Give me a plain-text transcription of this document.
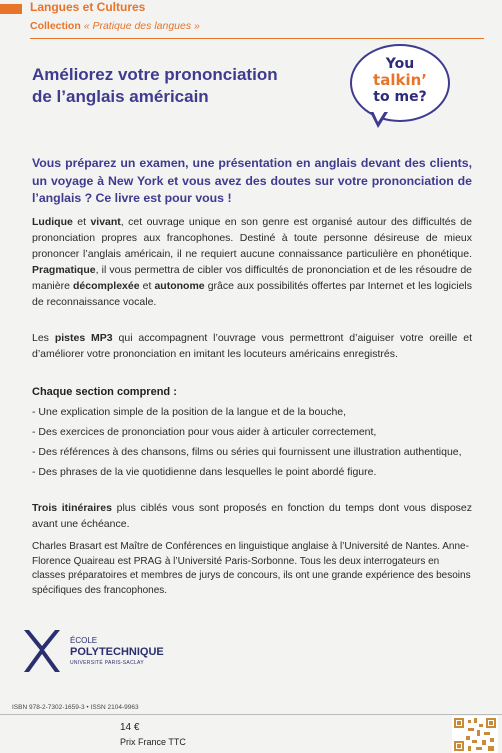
Langues et Cultures
Collection « Pratique des langues »
Améliorez votre prononciation
de l’anglais américain
You
talkin’
to me?
Vous préparez un examen, une présentation en anglais devant des clients, un voyage à New York et vous avez des doutes sur votre prononciation de l’anglais ? Ce livre est pour vous !
Ludique et vivant, cet ouvrage unique en son genre est organisé autour des difficultés de prononciation propres aux francophones. Destiné à toute personne désireuse de mieux prononcer l’anglais américain, il ne requiert aucune connaissance particulière en phonétique. Pragmatique, il vous permettra de cibler vos difficultés de prononciation et de les résoudre de manière décomplexée et autonome grâce aux possibilités offertes par Internet et les logiciels de reconnaissance vocale.
Les pistes MP3 qui accompagnent l’ouvrage vous permettront d’aiguiser votre oreille et d’améliorer votre prononciation en imitant les locuteurs américains enregistrés.
Chaque section comprend :
- Une explication simple de la position de la langue et de la bouche,
- Des exercices de prononciation pour vous aider à articuler correctement,
- Des références à des chansons, films ou séries qui fournissent une illustration authentique,
- Des phrases de la vie quotidienne dans lesquelles le point abordé figure.
Trois itinéraires plus ciblés vous sont proposés en fonction du temps dont vous disposez avant une échéance.
Charles Brasart est Maître de Conférences en linguistique anglaise à l’Université de Nantes. Anne-Florence Quaireau est PRAG à l’Université Paris-Sorbonne. Tous les deux interrogateurs en classes préparatoires et membres de jurys de concours, ils ont une grande expérience des besoins spécifiques des francophones.
ÉCOLE
POLYTECHNIQUE
UNIVERSITÉ PARIS-SACLAY
ISBN 978-2-7302-1659-3 • ISSN 2104-9963
14 €
Prix France TTC
